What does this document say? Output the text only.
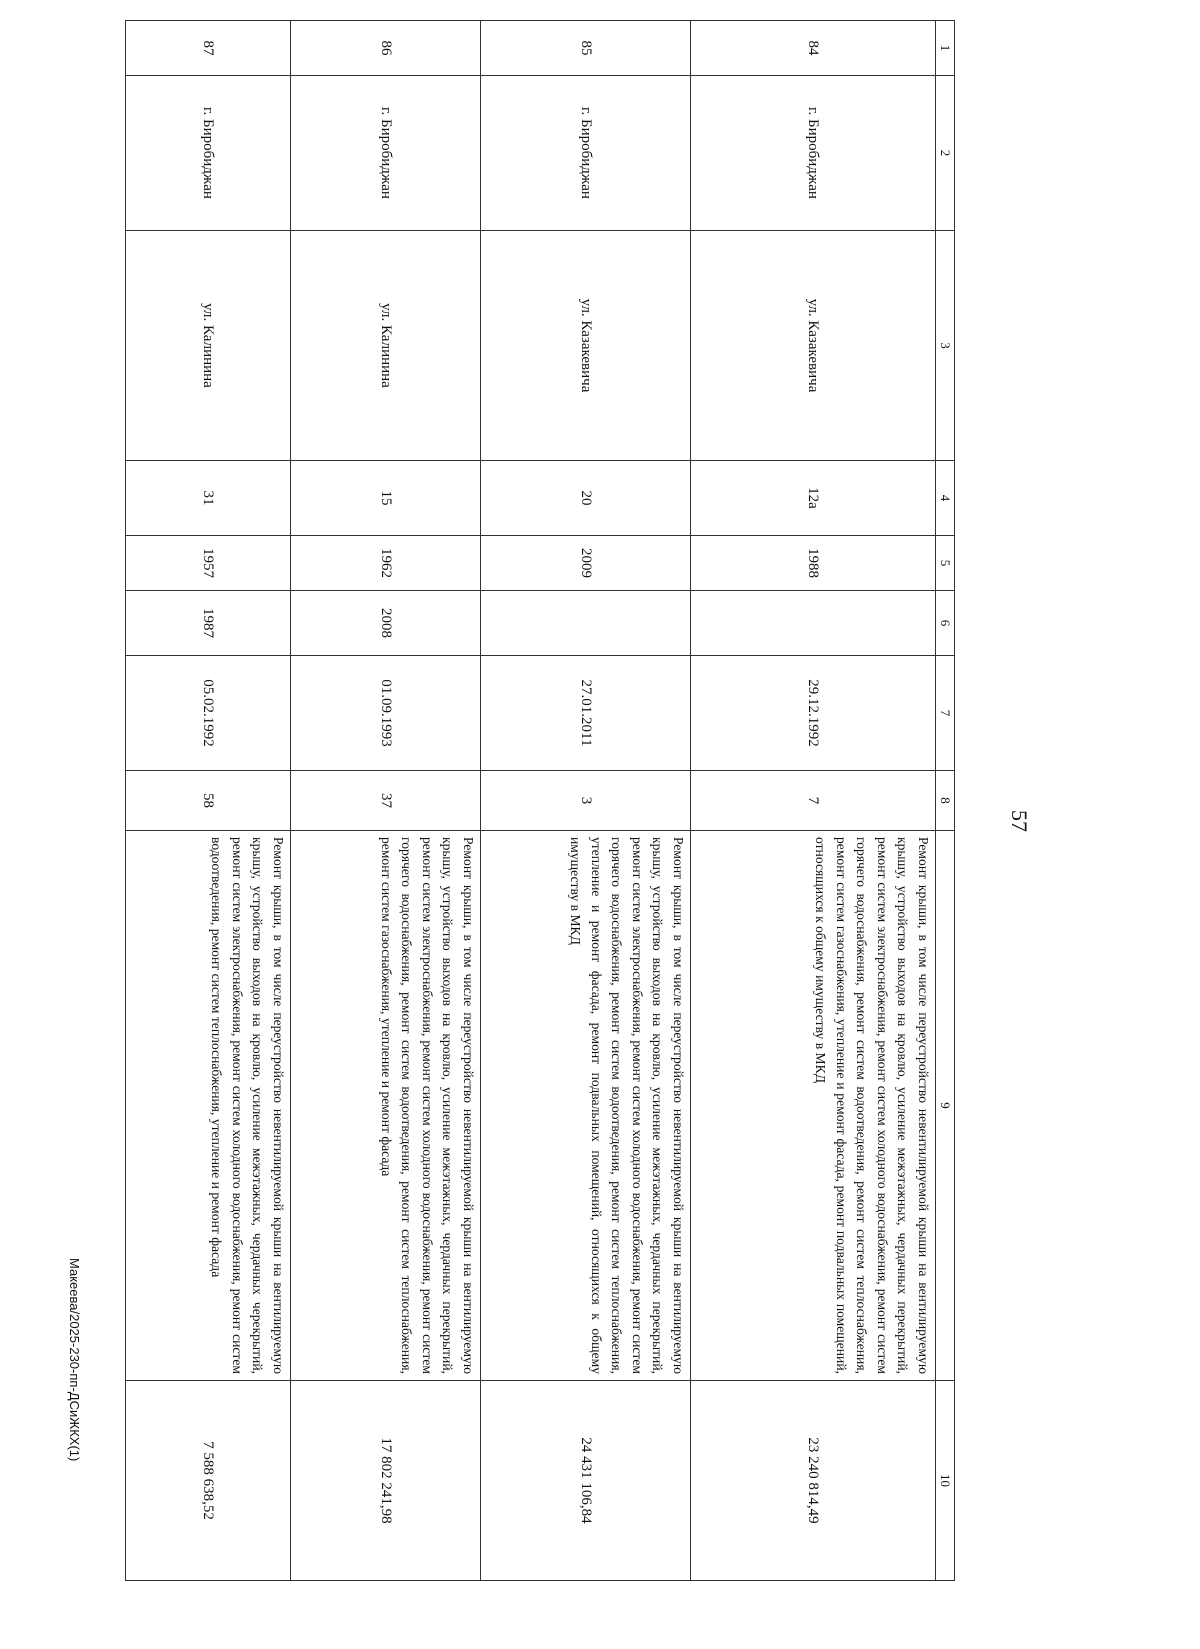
57
1	2	3	4	5	6	7	8	9	10
84	г. Биробиджан	ул. Казакевича	12а	1988		29.12.1992	7	Ремонт крыши, в том числе переустройство невентилируемой крыши на вентилируемую крышу, устройство выходов на кровлю, усиление межэтажных, чердачных перекрытий, ремонт систем электроснабжения, ремонт систем холодного водоснабжения, ремонт систем горячего водоснабжения, ремонт систем водоотведения, ремонт систем теплоснабжения, ремонт систем газоснабжения, утепление и ремонт фасада, ремонт подвальных помещений, относящихся к общему имуществу в МКД	23 240 814,49
85	г. Биробиджан	ул. Казакевича	20	2009		27.01.2011	3	Ремонт крыши, в том числе переустройство невентилируемой крыши на вентилируемую крышу, устройство выходов на кровлю, усиление межэтажных, чердачных перекрытий, ремонт систем электроснабжения, ремонт систем холодного водоснабжения, ремонт систем горячего водоснабжения, ремонт систем водоотведения, ремонт систем теплоснабжения, утепление и ремонт фасада, ремонт подвальных помещений, относящихся к общему имуществу в МКД	24 431 106,84
86	г. Биробиджан	ул. Калинина	15	1962	2008	01.09.1993	37	Ремонт крыши, в том числе переустройство невентилируемой крыши на вентилируемую крышу, устройство выходов на кровлю, усиление межэтажных, чердачных перекрытий, ремонт систем электроснабжения, ремонт систем холодного водоснабжения, ремонт систем горячего водоснабжения, ремонт систем водоотведения, ремонт систем теплоснабжения, ремонт систем газоснабжения, утепление и ремонт фасада	17 802 241,98
87	г. Биробиджан	ул. Калинина	31	1957	1987	05.02.1992	58	Ремонт крыши, в том числе переустройство невентилируемой крыши на вентилируемую крышу, устройство выходов на кровлю, усиление межэтажных, чердачных черекрытий, ремонт систем электроснабжения, ремонт систем холодного водоснабжения, ремонт систем водоотведения, ремонт систем теплоснабжения, утепление и ремонт фасада	7 588 638,52
Макеева/2025-230-пп-ДСиЖКХ(1)
